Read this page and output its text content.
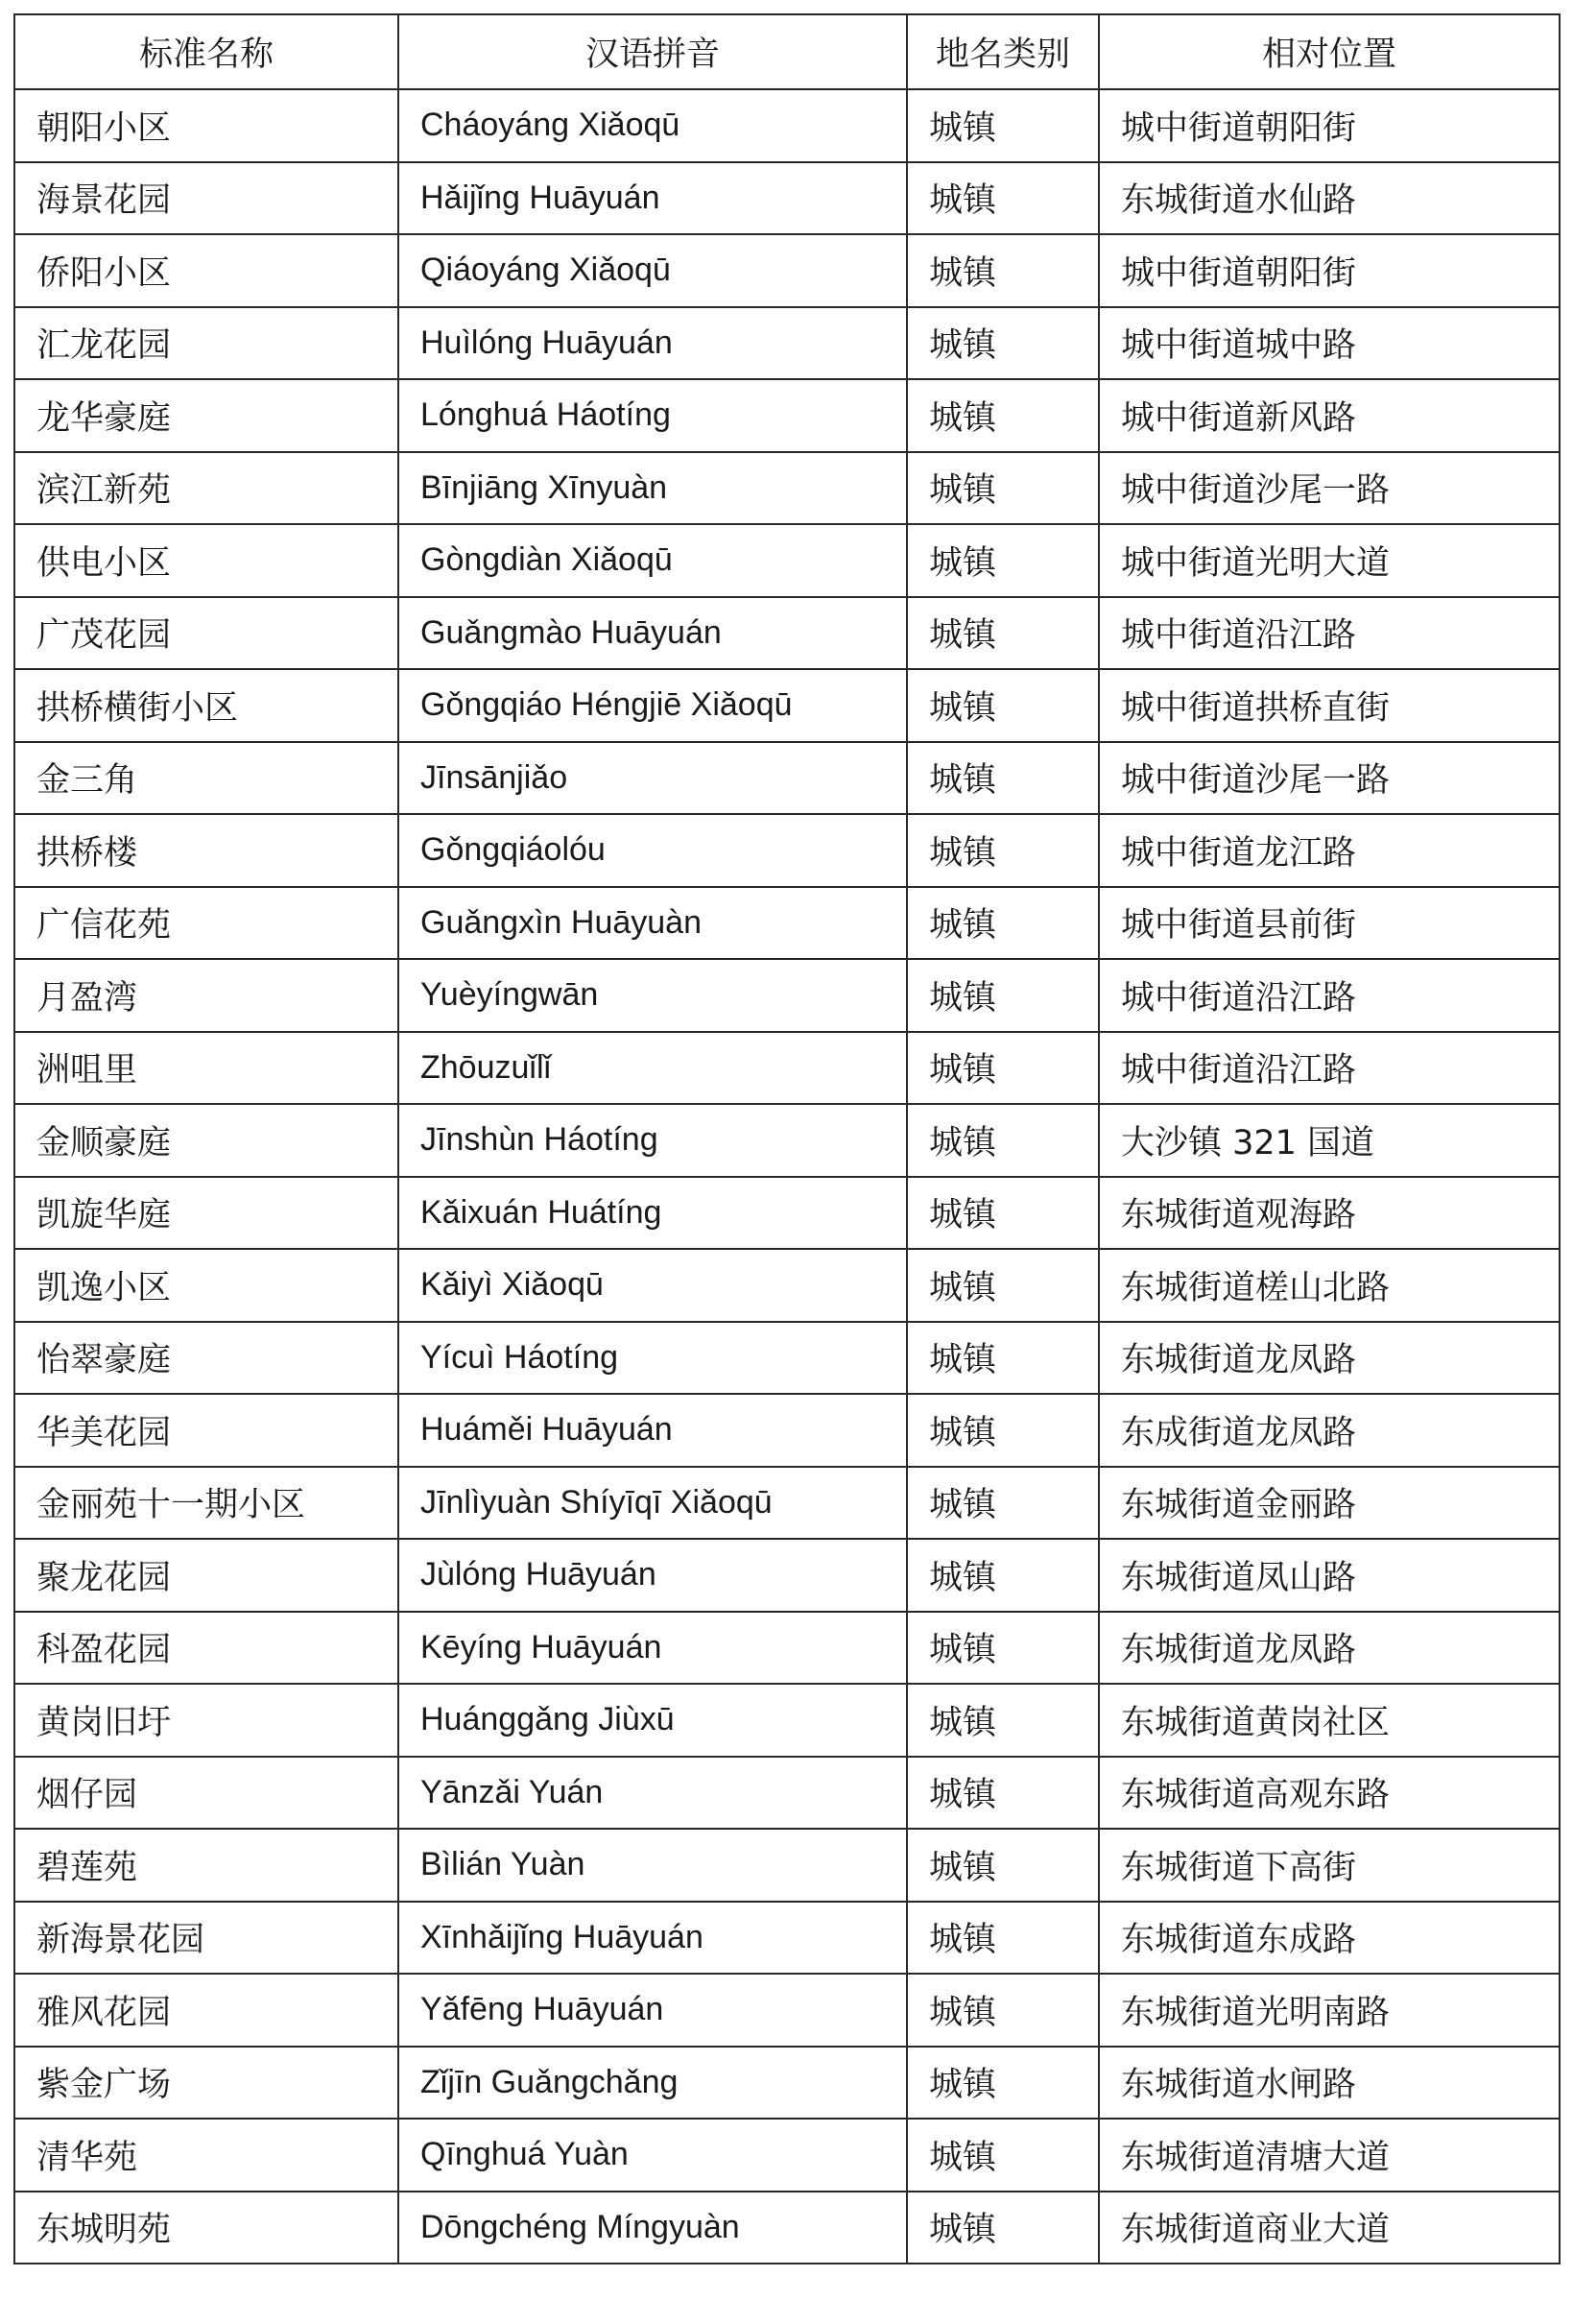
标准名称	汉语拼音	地名类别	相对位置
朝阳小区	Cháoyáng Xiǎoqū	城镇	城中街道朝阳街
海景花园	Hǎijǐng Huāyuán	城镇	东城街道水仙路
侨阳小区	Qiáoyáng Xiǎoqū	城镇	城中街道朝阳街
汇龙花园	Huìlóng Huāyuán	城镇	城中街道城中路
龙华豪庭	Lónghuá Háotíng	城镇	城中街道新风路
滨江新苑	Bīnjiāng Xīnyuàn	城镇	城中街道沙尾一路
供电小区	Gòngdiàn Xiǎoqū	城镇	城中街道光明大道
广茂花园	Guǎngmào Huāyuán	城镇	城中街道沿江路
拱桥横街小区	Gǒngqiáo Héngjiē Xiǎoqū	城镇	城中街道拱桥直街
金三角	Jīnsānjiǎo	城镇	城中街道沙尾一路
拱桥楼	Gǒngqiáolóu	城镇	城中街道龙江路
广信花苑	Guǎngxìn Huāyuàn	城镇	城中街道县前街
月盈湾	Yuèyíngwān	城镇	城中街道沿江路
洲咀里	Zhōuzuǐlǐ	城镇	城中街道沿江路
金顺豪庭	Jīnshùn Háotíng	城镇	大沙镇 321 国道
凯旋华庭	Kǎixuán Huátíng	城镇	东城街道观海路
凯逸小区	Kǎiyì Xiǎoqū	城镇	东城街道槎山北路
怡翠豪庭	Yícuì Háotíng	城镇	东城街道龙凤路
华美花园	Huáměi Huāyuán	城镇	东成街道龙凤路
金丽苑十一期小区	Jīnlìyuàn Shíyīqī Xiǎoqū	城镇	东城街道金丽路
聚龙花园	Jùlóng Huāyuán	城镇	东城街道凤山路
科盈花园	Kēyíng Huāyuán	城镇	东城街道龙凤路
黄岗旧圩	Huánggǎng Jiùxū	城镇	东城街道黄岗社区
烟仔园	Yānzǎi Yuán	城镇	东城街道高观东路
碧莲苑	Bìlián Yuàn	城镇	东城街道下高街
新海景花园	Xīnhǎijǐng Huāyuán	城镇	东城街道东成路
雅风花园	Yǎfēng Huāyuán	城镇	东城街道光明南路
紫金广场	Zǐjīn Guǎngchǎng	城镇	东城街道水闸路
清华苑	Qīnghuá Yuàn	城镇	东城街道清塘大道
东城明苑	Dōngchéng Míngyuàn	城镇	东城街道商业大道
